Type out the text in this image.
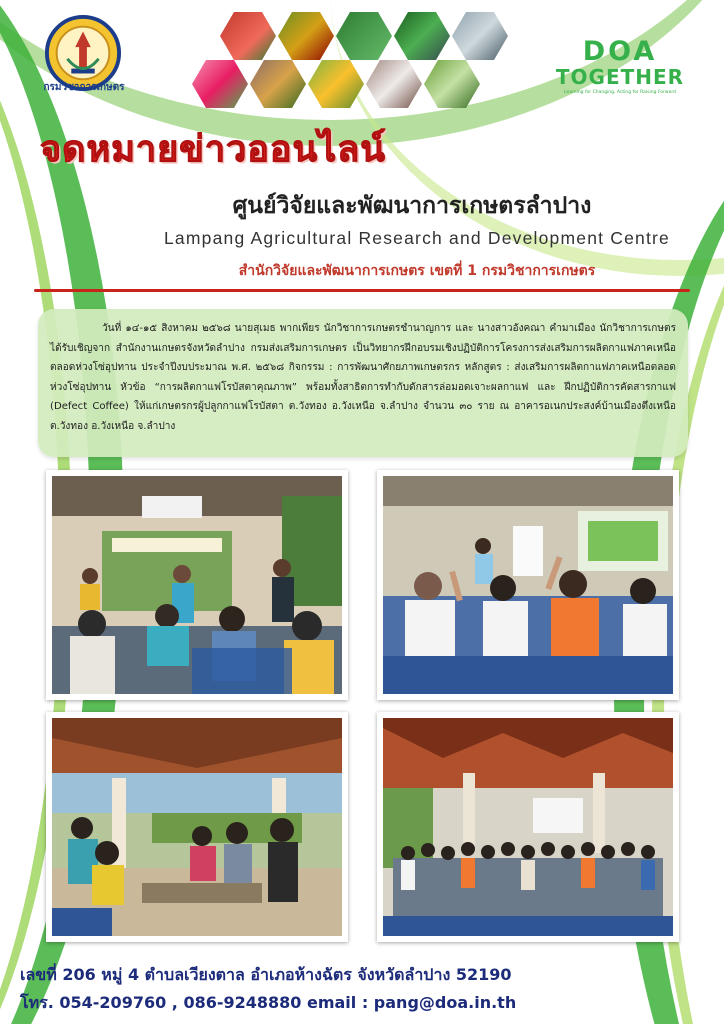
กรมวิชาการเกษตร
DOA
TOGETHER
Learning for Changing, Acting for Raising Forward
จดหมายข่าวออนไลน์
ศูนย์วิจัยและพัฒนาการเกษตรลำปาง
Lampang Agricultural Research and Development Centre
สำนักวิจัยและพัฒนาการเกษตร เขตที่ 1 กรมวิชาการเกษตร
วันที่ ๑๔-๑๕ สิงหาคม ๒๕๖๘ นายสุเมธ พากเพียร นักวิชาการเกษตรชำนาญการ และ นางสาวอังคณา คำมาเมือง นักวิชาการเกษตร ได้รับเชิญจาก สำนักงานเกษตรจังหวัดลำปาง กรมส่งเสริมการเกษตร เป็นวิทยากรฝึกอบรมเชิงปฏิบัติการโครงการส่งเสริมการผลิตกาแฟภาคเหนือตลอดห่วงโซ่อุปทาน ประจำปีงบประมาณ พ.ศ. ๒๕๖๘ กิจกรรม : การพัฒนาศักยภาพเกษตรกร หลักสูตร : ส่งเสริมการผลิตกาแฟภาคเหนือตลอดห่วงโซ่อุปทาน หัวข้อ “การผลิตกาแฟโรบัสตาคุณภาพ” พร้อมทั้งสาธิตการทำกับดักสารล่อมอดเจาะผลกาแฟ และ ฝึกปฏิบัติการคัดสารกาแฟ (Defect Coffee) ให้แก่เกษตรกรผู้ปลูกกาแฟโรบัสตา ต.วังทอง อ.วังเหนือ จ.ลำปาง จำนวน ๓๐ ราย ณ อาคารอเนกประสงค์บ้านเมืองตึงเหนือ ต.วังทอง อ.วังเหนือ จ.ลำปาง
เลขที่ 206 หมู่ 4 ตำบลเวียงตาล อำเภอห้างฉัตร จังหวัดลำปาง 52190
โทร. 054-209760 , 086-9248880 email : pang@doa.in.th
